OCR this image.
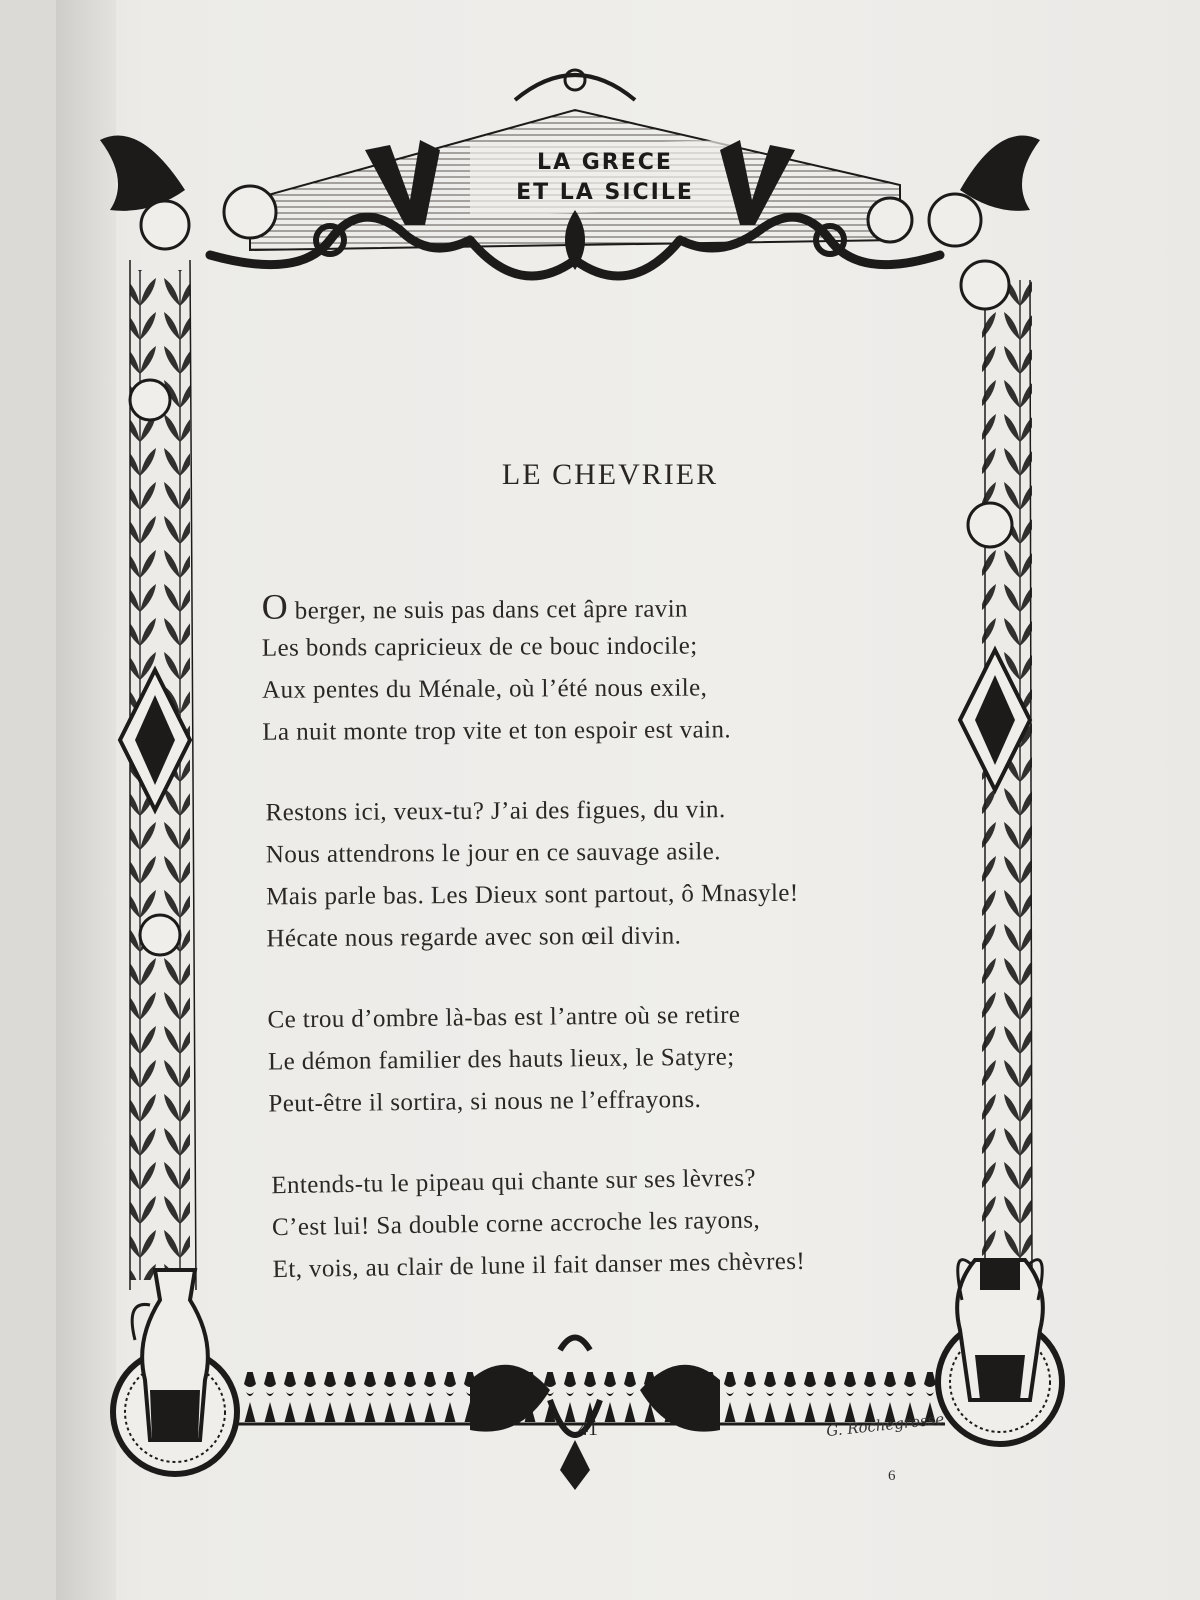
LA GRECE
ET LA SICILE
LE CHEVRIER
O berger, ne suis pas dans cet âpre ravin
Les bonds capricieux de ce bouc indocile;
Aux pentes du Ménale, où l’été nous exile,
La nuit monte trop vite et ton espoir est vain.
Restons ici, veux-tu? J’ai des figues, du vin.
Nous attendrons le jour en ce sauvage asile.
Mais parle bas. Les Dieux sont partout, ô Mnasyle!
Hécate nous regarde avec son œil divin.
Ce trou d’ombre là-bas est l’antre où se retire
Le démon familier des hauts lieux, le Satyre;
Peut-être il sortira, si nous ne l’effrayons.
Entends-tu le pipeau qui chante sur ses lèvres?
C’est lui! Sa double corne accroche les rayons,
Et, vois, au clair de lune il fait danser mes chèvres!
41	G. Rochegrosse
6
